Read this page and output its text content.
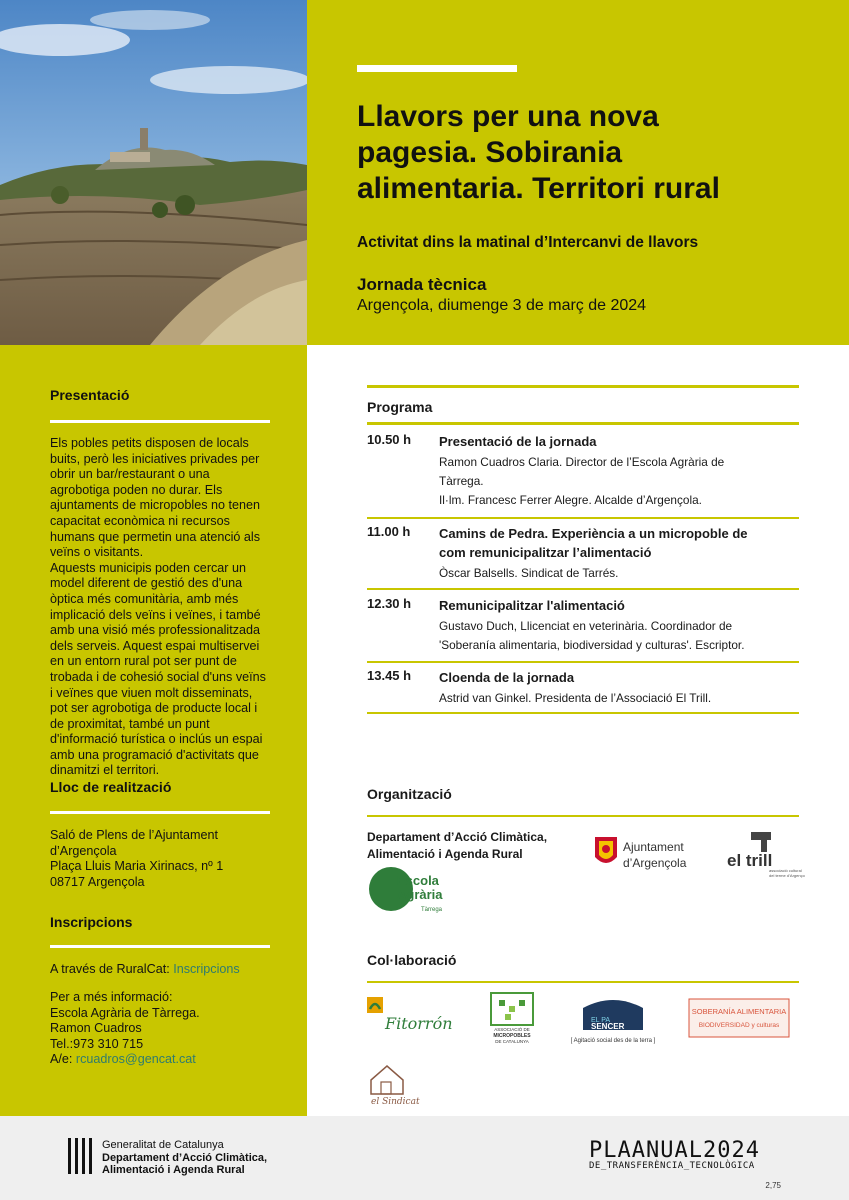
Llavors per una nova
pagesia. Sobirania
alimentaria. Territori rural
Activitat dins la matinal d’Intercanvi de llavors
Jornada tècnica
Argençola, diumenge 3 de març de 2024
Presentació
Els pobles petits disposen de locals
buits, però les iniciatives privades per
obrir un bar/restaurant o una
agrobotiga poden no durar. Els
ajuntaments de micropobles no tenen
capacitat econòmica ni recursos
humans que permetin una atenció als
veïns o visitants.
Aquests municipis poden cercar un
model diferent de gestió des d'una
òptica més comunitària, amb més
implicació dels veïns i veïnes, i també
amb una visió més professionalitzada
dels serveis. Aquest espai multiservei
en un entorn rural pot ser punt de
trobada i de cohesió social d'uns veïns
i veïnes que viuen molt disseminats,
pot ser agrobotiga de producte local i
de proximitat, també un punt
d'informació turística o inclús un espai
amb una programació d'activitats que
dinamitzi el territori.
Lloc de realització
Saló de Plens de l’Ajuntament
d’Argençola
Plaça Lluis Maria Xirinacs, nº 1
08717 Argençola
Inscripcions
A través de RuralCat: Inscripcions
Per a més informació:
Escola Agrària de Tàrrega.
Ramon Cuadros
Tel.:973 310 715
A/e: rcuadros@gencat.cat
Programa
10.50 h Presentació de la jornada
Ramon Cuadros Claria. Director de l’Escola Agrària de
Tàrrega.
Il·lm. Francesc Ferrer Alegre. Alcalde d’Argençola.
11.00 h Camins de Pedra. Experiència a un micropoble de
com remunicipalitzar l’alimentació
Òscar Balsells. Sindicat de Tarrés.
12.30 h Remunicipalitzar l'alimentació
Gustavo Duch, Llicenciat en veterinària. Coordinador de
'Soberanía alimentaria, biodiversidad y culturas'. Escriptor.
13.45 h Cloenda de la jornada
Astrid van Ginkel. Presidenta de l’Associació El Trill.
Organització
Departament d’Acció Climàtica,
Alimentació i Agenda Rural
Escola
Agrària
Tàrrega
Ajuntament
d’Argençola el trill
associació cultural
del terme d’Argençola
Col·laboració
Fitorrón	ASSOCIACIÓ DE
MICROPOBLES
DE CATALUNYA
EL PA
SENCER
[ Agitació social des de la terra ]
SOBERANÍA ALIMENTARIA
BIODIVERSIDAD y culturas
el Sindicat
Generalitat de Catalunya
Departament d’Acció Climàtica,
Alimentació i Agenda Rural
PLAANUAL2024
DE_TRANSFERÈNCIA_TECNOLÒGICA
2,75
